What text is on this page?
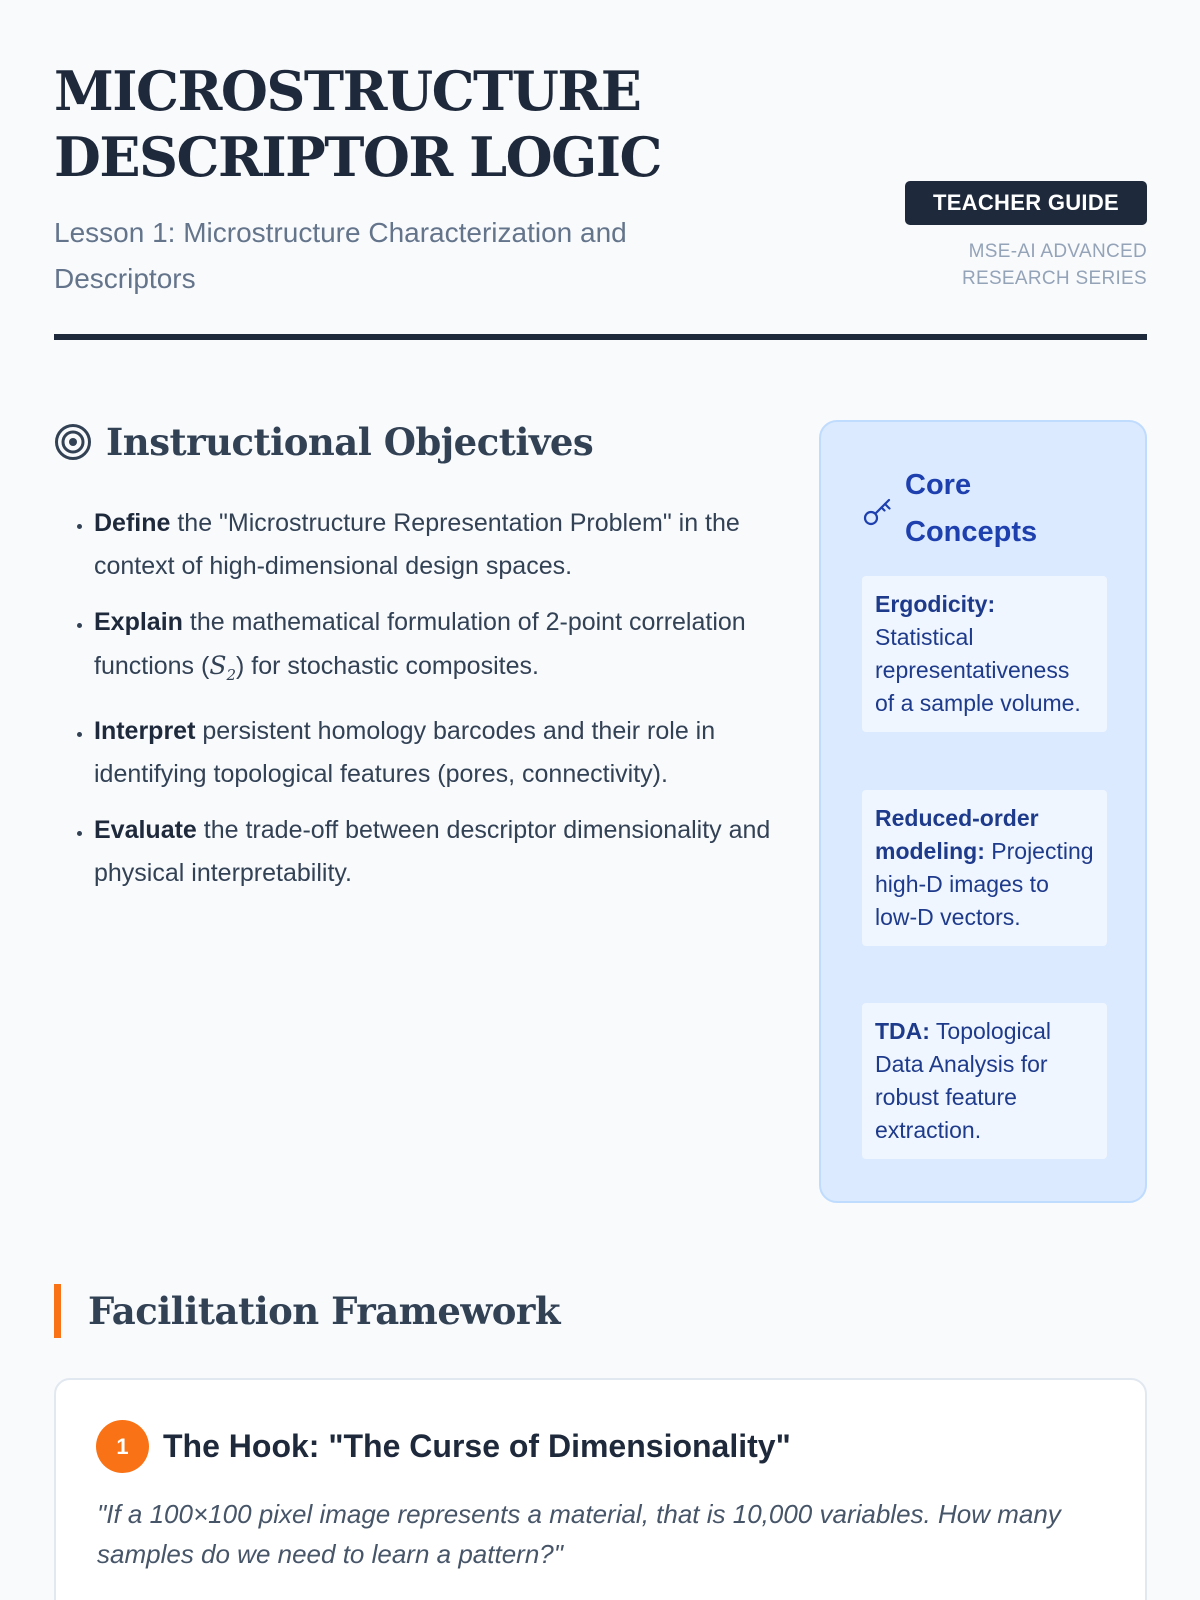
MICROSTRUCTURE DESCRIPTOR LOGIC
Lesson 1: Microstructure Characterization and Descriptors
TEACHER GUIDE
MSE-AI ADVANCED
RESEARCH SERIES
Instructional Objectives
• Define the "Microstructure Representation Problem" in the context of high-dimensional design spaces.
• Explain the mathematical formulation of 2-point correlation functions $(S_2)$ for stochastic composites.
• Interpret persistent homology barcodes and their role in identifying topological features (pores, connectivity).
• Evaluate the trade-off between descriptor dimensionality and physical interpretability.
Core
Concepts
Ergodicity: Statistical representativeness of a sample volume.
Reduced-order modeling: Projecting high-D images to low-D vectors.
TDA: Topological Data Analysis for robust feature extraction.
Facilitation Framework
1	The Hook: "The Curse of Dimensionality"

"If a 100×100 pixel image represents a material, that is 10,000 variables. How many samples do we need to learn a pattern?"
